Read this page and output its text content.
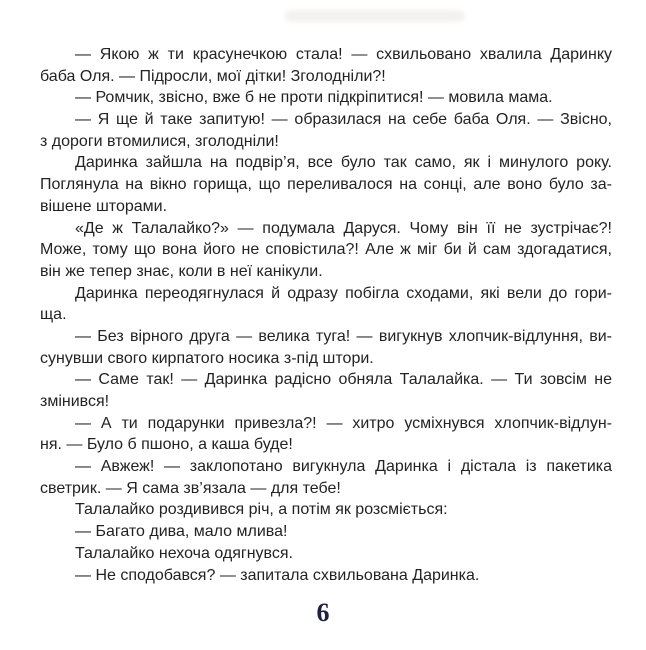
— Якою ж ти красунечкою стала! — схвильовано хвалила Даринку
баба Оля. — Підросли, мої дітки! Зголодніли?!
— Ромчик, звісно, вже б не проти підкріпитися! — мовила мама.
— Я ще й таке запитую! — образилася на себе баба Оля. — Звісно,
з дороги втомилися, зголодніли!
Даринка зайшла на подвір’я, все було так само, як і минулого року.
Поглянула на вікно горища, що переливалося на сонці, але воно було за-
вішене шторами.
«Де ж Талалайко?» — подумала Даруся. Чому він її не зустрічає?!
Може, тому що вона його не сповістила?! Але ж міг би й сам здогадатися,
він же тепер знає, коли в неї канікули.
Даринка переодягнулася й одразу побігла сходами, які вели до гори-
ща.
— Без вірного друга — велика туга! — вигукнув хлопчик-відлуння, ви-
сунувши свого кирпатого носика з-під штори.
— Саме так! — Даринка радісно обняла Талалайка. — Ти зовсім не
змінився!
— А ти подарунки привезла?! — хитро усміхнувся хлопчик-відлун-
ня. — Було б пшоно, а каша буде!
— Авжеж! — заклопотано вигукнула Даринка і дістала із пакетика
светрик. — Я сама зв’язала — для тебе!
Талалайко роздивився річ, а потім як розсміється:
— Багато дива, мало млива!
Талалайко нехоча одягнувся.
— Не сподобався? — запитала схвильована Даринка.
6
